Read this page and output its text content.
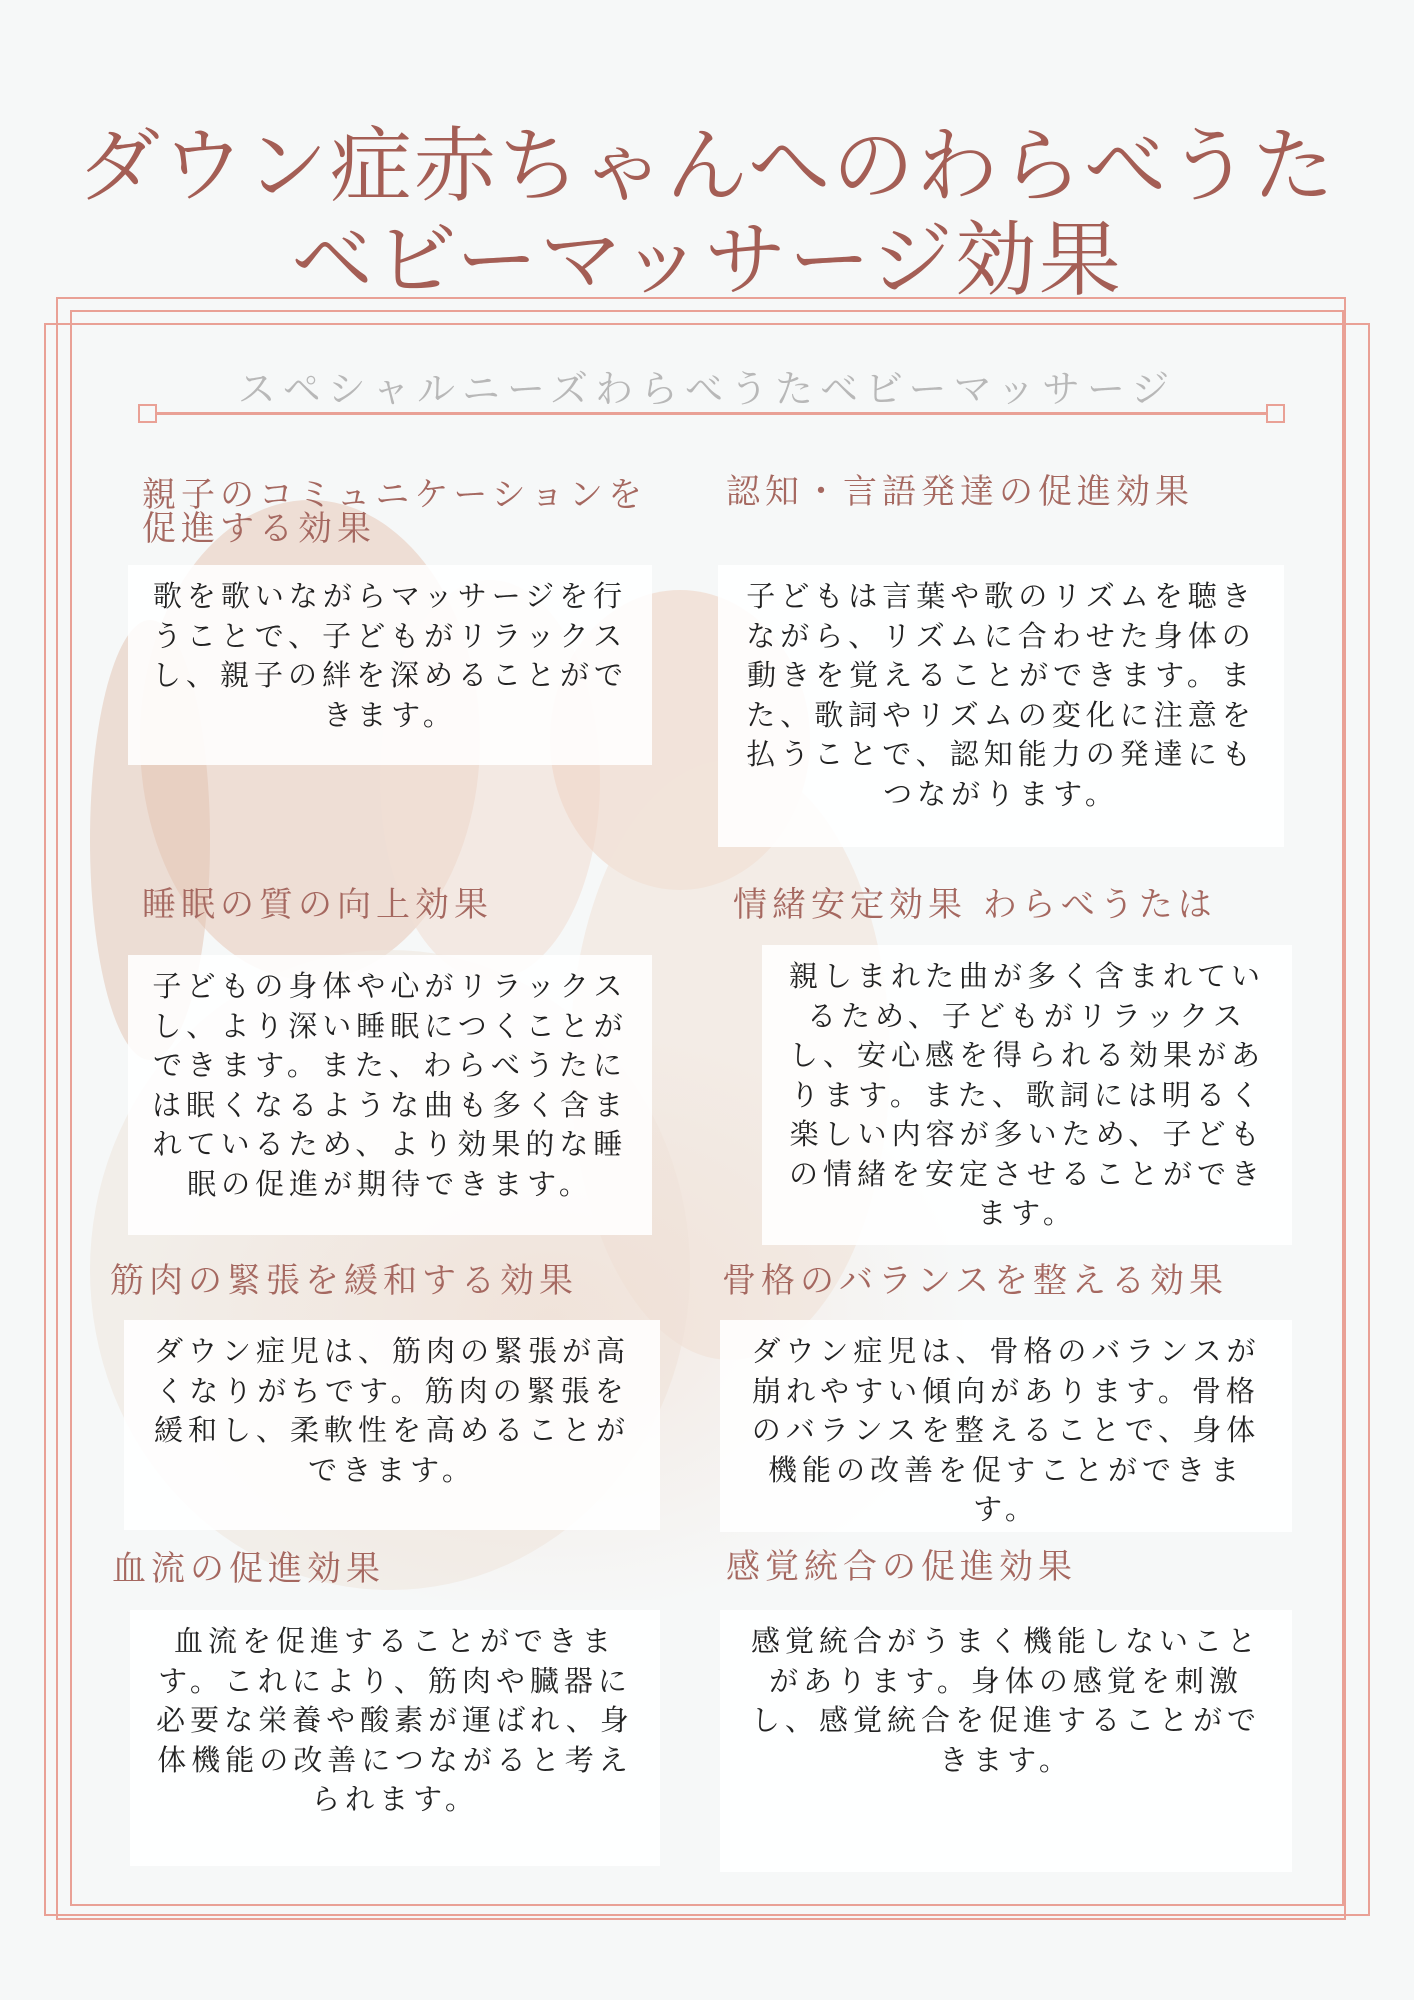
ダウン症赤ちゃんへのわらべうた
ベビーマッサージ効果
スペシャルニーズわらべうたベビーマッサージ
親子のコミュニケーションを促進する効果

歌を歌いながらマッサージを行うことで、子どもがリラックスし、親子の絆を深めることができます。

認知・言語発達の促進効果

子どもは言葉や歌のリズムを聴きながら、リズムに合わせた身体の動きを覚えることができます。また、歌詞やリズムの変化に注意を払うことで、認知能力の発達にもつながります。

睡眠の質の向上効果

子どもの身体や心がリラックスし、より深い睡眠につくことができます。また、わらべうたには眠くなるような曲も多く含まれているため、より効果的な睡眠の促進が期待できます。

情緒安定効果 わらべうたは

親しまれた曲が多く含まれているため、子どもがリラックスし、安心感を得られる効果があります。また、歌詞には明るく楽しい内容が多いため、子どもの情緒を安定させることができます。

筋肉の緊張を緩和する効果

ダウン症児は、筋肉の緊張が高くなりがちです。筋肉の緊張を緩和し、柔軟性を高めることができます。

骨格のバランスを整える効果

ダウン症児は、骨格のバランスが崩れやすい傾向があります。骨格のバランスを整えることで、身体機能の改善を促すことができます。

血流の促進効果

血流を促進することができます。これにより、筋肉や臓器に必要な栄養や酸素が運ばれ、身体機能の改善につながると考えられます。

感覚統合の促進効果

感覚統合がうまく機能しないことがあります。身体の感覚を刺激し、感覚統合を促進することができます。
